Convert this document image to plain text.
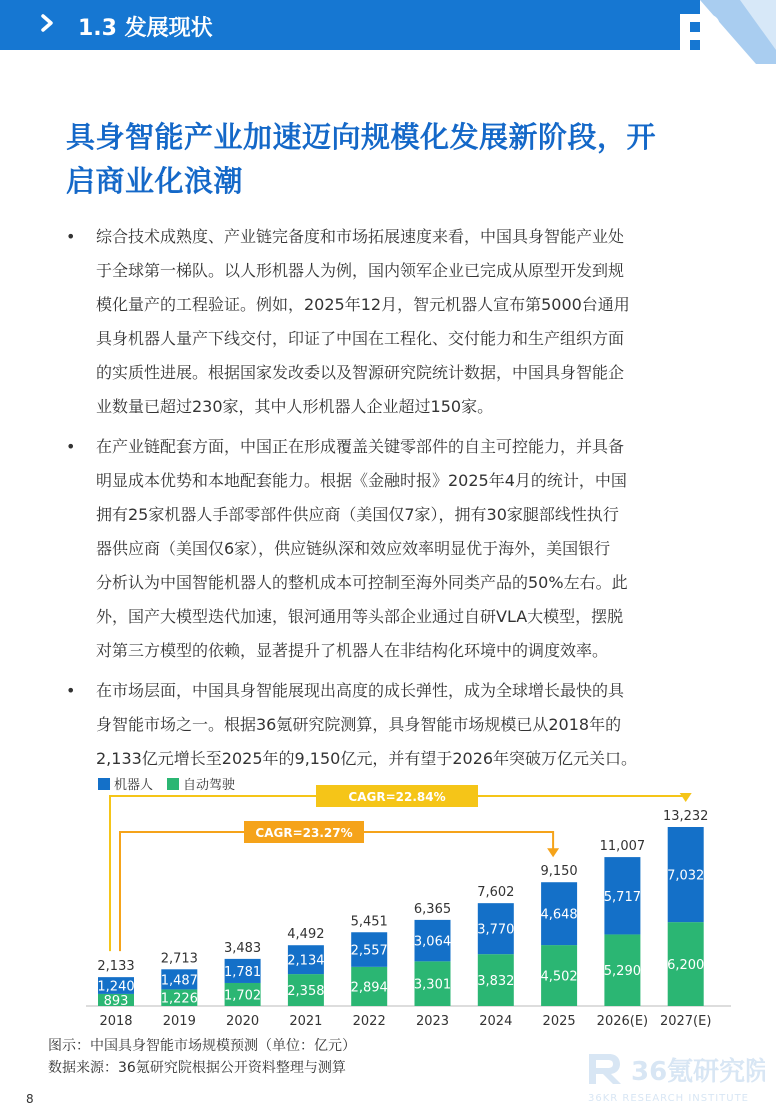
1.3 发展现状
具身智能产业加速迈向规模化发展新阶段，开
启商业化浪潮
• 综合技术成熟度、产业链完备度和市场拓展速度来看，中国具身智能产业处
于全球第一梯队。以人形机器人为例，国内领军企业已完成从原型开发到规
模化量产的工程验证。例如，2025年12月，智元机器人宣布第5000台通用
具身机器人量产下线交付，印证了中国在工程化、交付能力和生产组织方面
的实质性进展。根据国家发改委以及智源研究院统计数据，中国具身智能企
业数量已超过230家，其中人形机器人企业超过150家。
• 在产业链配套方面，中国正在形成覆盖关键零部件的自主可控能力，并具备
明显成本优势和本地配套能力。根据《金融时报》2025年4月的统计，中国
拥有25家机器人手部零部件供应商（美国仅7家），拥有30家腿部线性执行
器供应商（美国仅6家），供应链纵深和效应效率明显优于海外，美国银行
分析认为中国智能机器人的整机成本可控制至海外同类产品的50%左右。此
外，国产大模型迭代加速，银河通用等头部企业通过自研VLA大模型，摆脱
对第三方模型的依赖，显著提升了机器人在非结构化环境中的调度效率。
• 在市场层面，中国具身智能展现出高度的成长弹性，成为全球增长最快的具
身智能市场之一。根据36氪研究院测算，具身智能市场规模已从2018年的
2,133亿元增长至2025年的9,150亿元，并有望于2026年突破万亿元关口。
机器人 自动驾驶
893
1,240
2,133
2018
1,226
1,487
2,713
2019
1,702
1,781
3,483
2020
2,358
2,134
4,492
2021
2,894
2,557
5,451
2022
3,301
3,064
6,365
2023
3,832
3,770
7,602
2024
4,502
4,648
9,150
2025
5,290
5,717
11,007
2026(E)
6,200
7,032
13,232
2027(E)
CAGR=22.84%
CAGR=23.27%
图示：中国具身智能市场规模预测（单位：亿元）
数据来源：36氪研究院根据公开资料整理与测算	36氪研究院
36KR RESEARCH INSTITUTE
8
